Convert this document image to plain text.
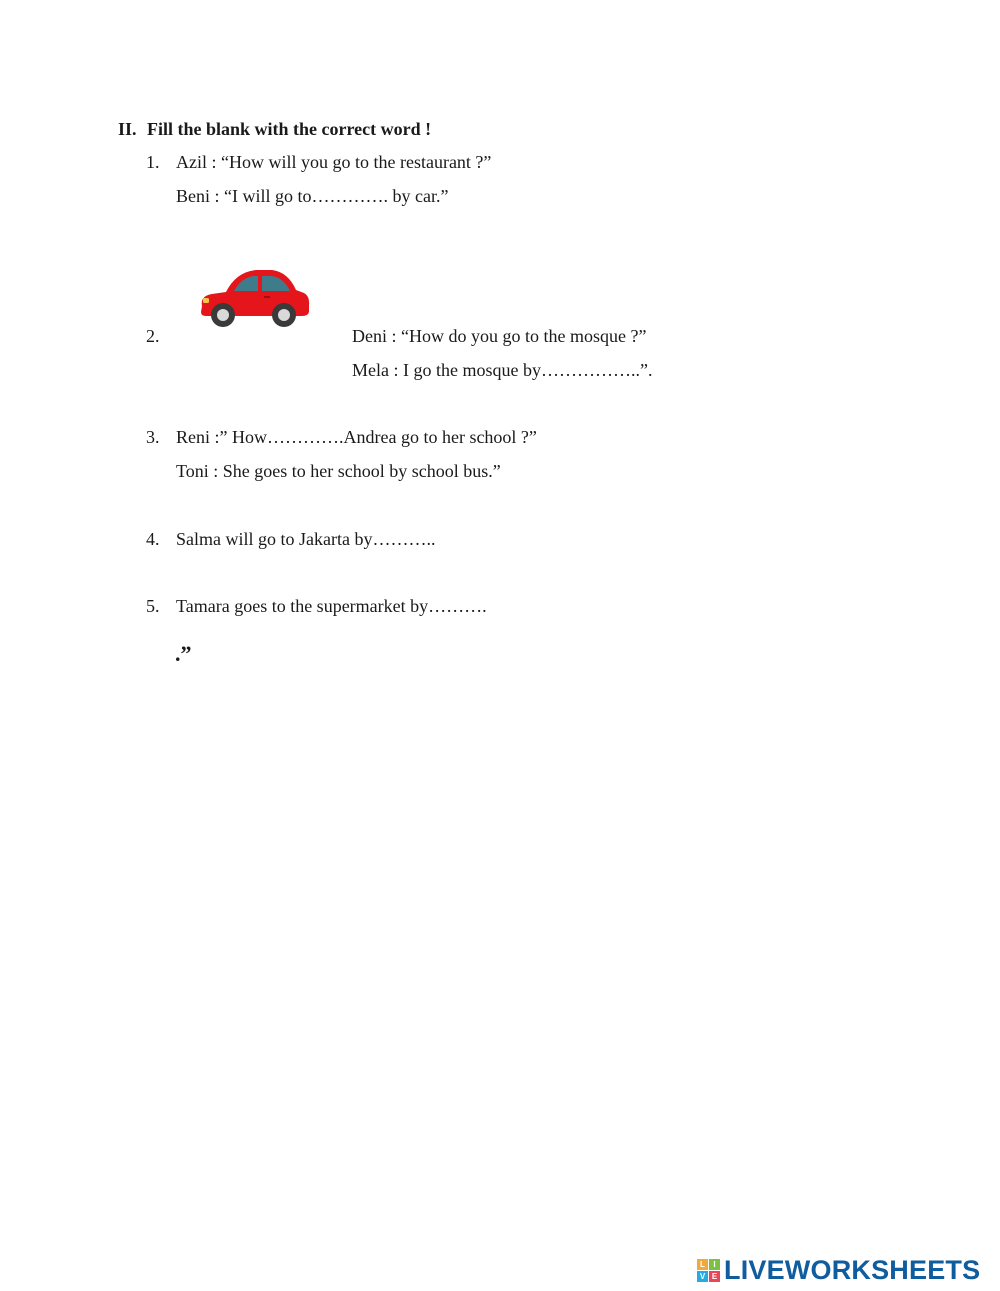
II. Fill the blank with the correct word !
1. Azil : “How will you go to the restaurant ?”
Beni : “I will go to…………. by car.”
2.	Deni : “How do you go to the mosque ?”
Mela : I go the mosque by……………..”.
3. Reni :” How………….Andrea go to her school ?”
Toni : She goes to her school by school bus.”
4. Salma will go to Jakarta by………..
5. Tamara goes to the supermarket by……….
.”
L	I
V E LIVEWORKSHEETS
